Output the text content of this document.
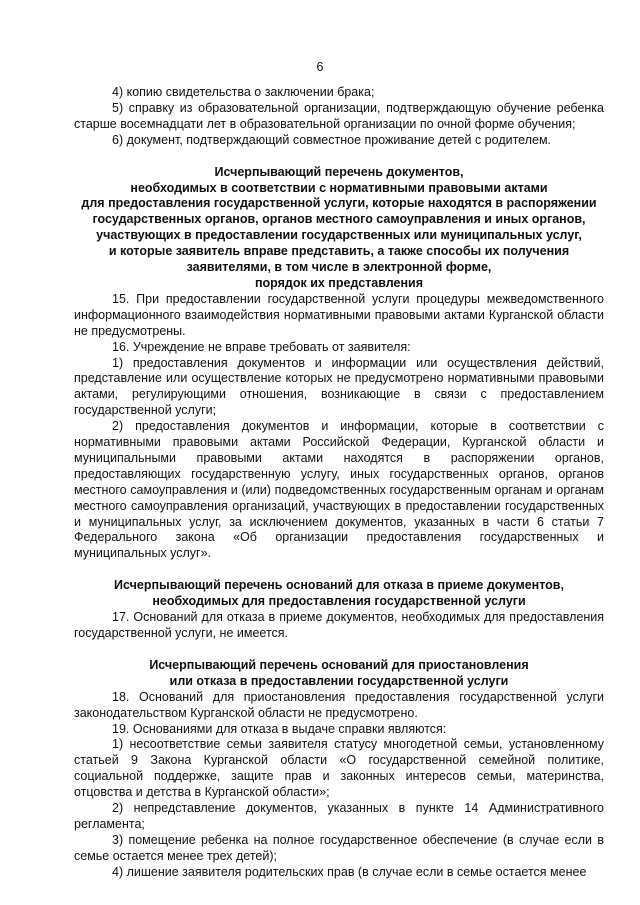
6

4) копию свидетельства о заключении брака;

5) справку из образовательной организации, подтверждающую обучение ребенка старше восемнадцати лет в образовательной организации по очной форме обучения;

6) документ, подтверждающий совместное проживание детей с родителем.

Исчерпывающий перечень документов,
необходимых в соответствии с нормативными правовыми актами
для предоставления государственной услуги, которые находятся в распоряжении
государственных органов, органов местного самоуправления и иных органов,
участвующих в предоставлении государственных или муниципальных услуг,
и которые заявитель вправе представить, а также способы их получения
заявителями, в том числе в электронной форме,
порядок их представления

15. При предоставлении государственной услуги процедуры межведомственного информационного взаимодействия нормативными правовыми актами Курганской области не предусмотрены.

16. Учреждение не вправе требовать от заявителя:

1) предоставления документов и информации или осуществления действий, представление или осуществление которых не предусмотрено нормативными правовыми актами, регулирующими отношения, возникающие в связи с предоставлением государственной услуги;

2) предоставления документов и информации, которые в соответствии с нормативными правовыми актами Российской Федерации, Курганской области и муниципальными правовыми актами находятся в распоряжении органов, предоставляющих государственную услугу, иных государственных органов, органов местного самоуправления и (или) подведомственных государственным органам и органам местного самоуправления организаций, участвующих в предоставлении государственных и муниципальных услуг, за исключением документов, указанных в части 6 статьи 7 Федерального закона «Об организации предоставления государственных и муниципальных услуг».

Исчерпывающий перечень оснований для отказа в приеме документов,
необходимых для предоставления государственной услуги

17. Оснований для отказа в приеме документов, необходимых для предоставления государственной услуги, не имеется.

Исчерпывающий перечень оснований для приостановления
или отказа в предоставлении государственной услуги

18. Оснований для приостановления предоставления государственной услуги законодательством Курганской области не предусмотрено.

19. Основаниями для отказа в выдаче справки являются:

1) несоответствие семьи заявителя статусу многодетной семьи, установленному статьей 9 Закона Курганской области «О государственной семейной политике, социальной поддержке, защите прав и законных интересов семьи, материнства, отцовства и детства в Курганской области»;

2) непредставление документов, указанных в пункте 14 Административного регламента;

3) помещение ребенка на полное государственное обеспечение (в случае если в семье остается менее трех детей);

4) лишение заявителя родительских прав (в случае если в семье остается менее
